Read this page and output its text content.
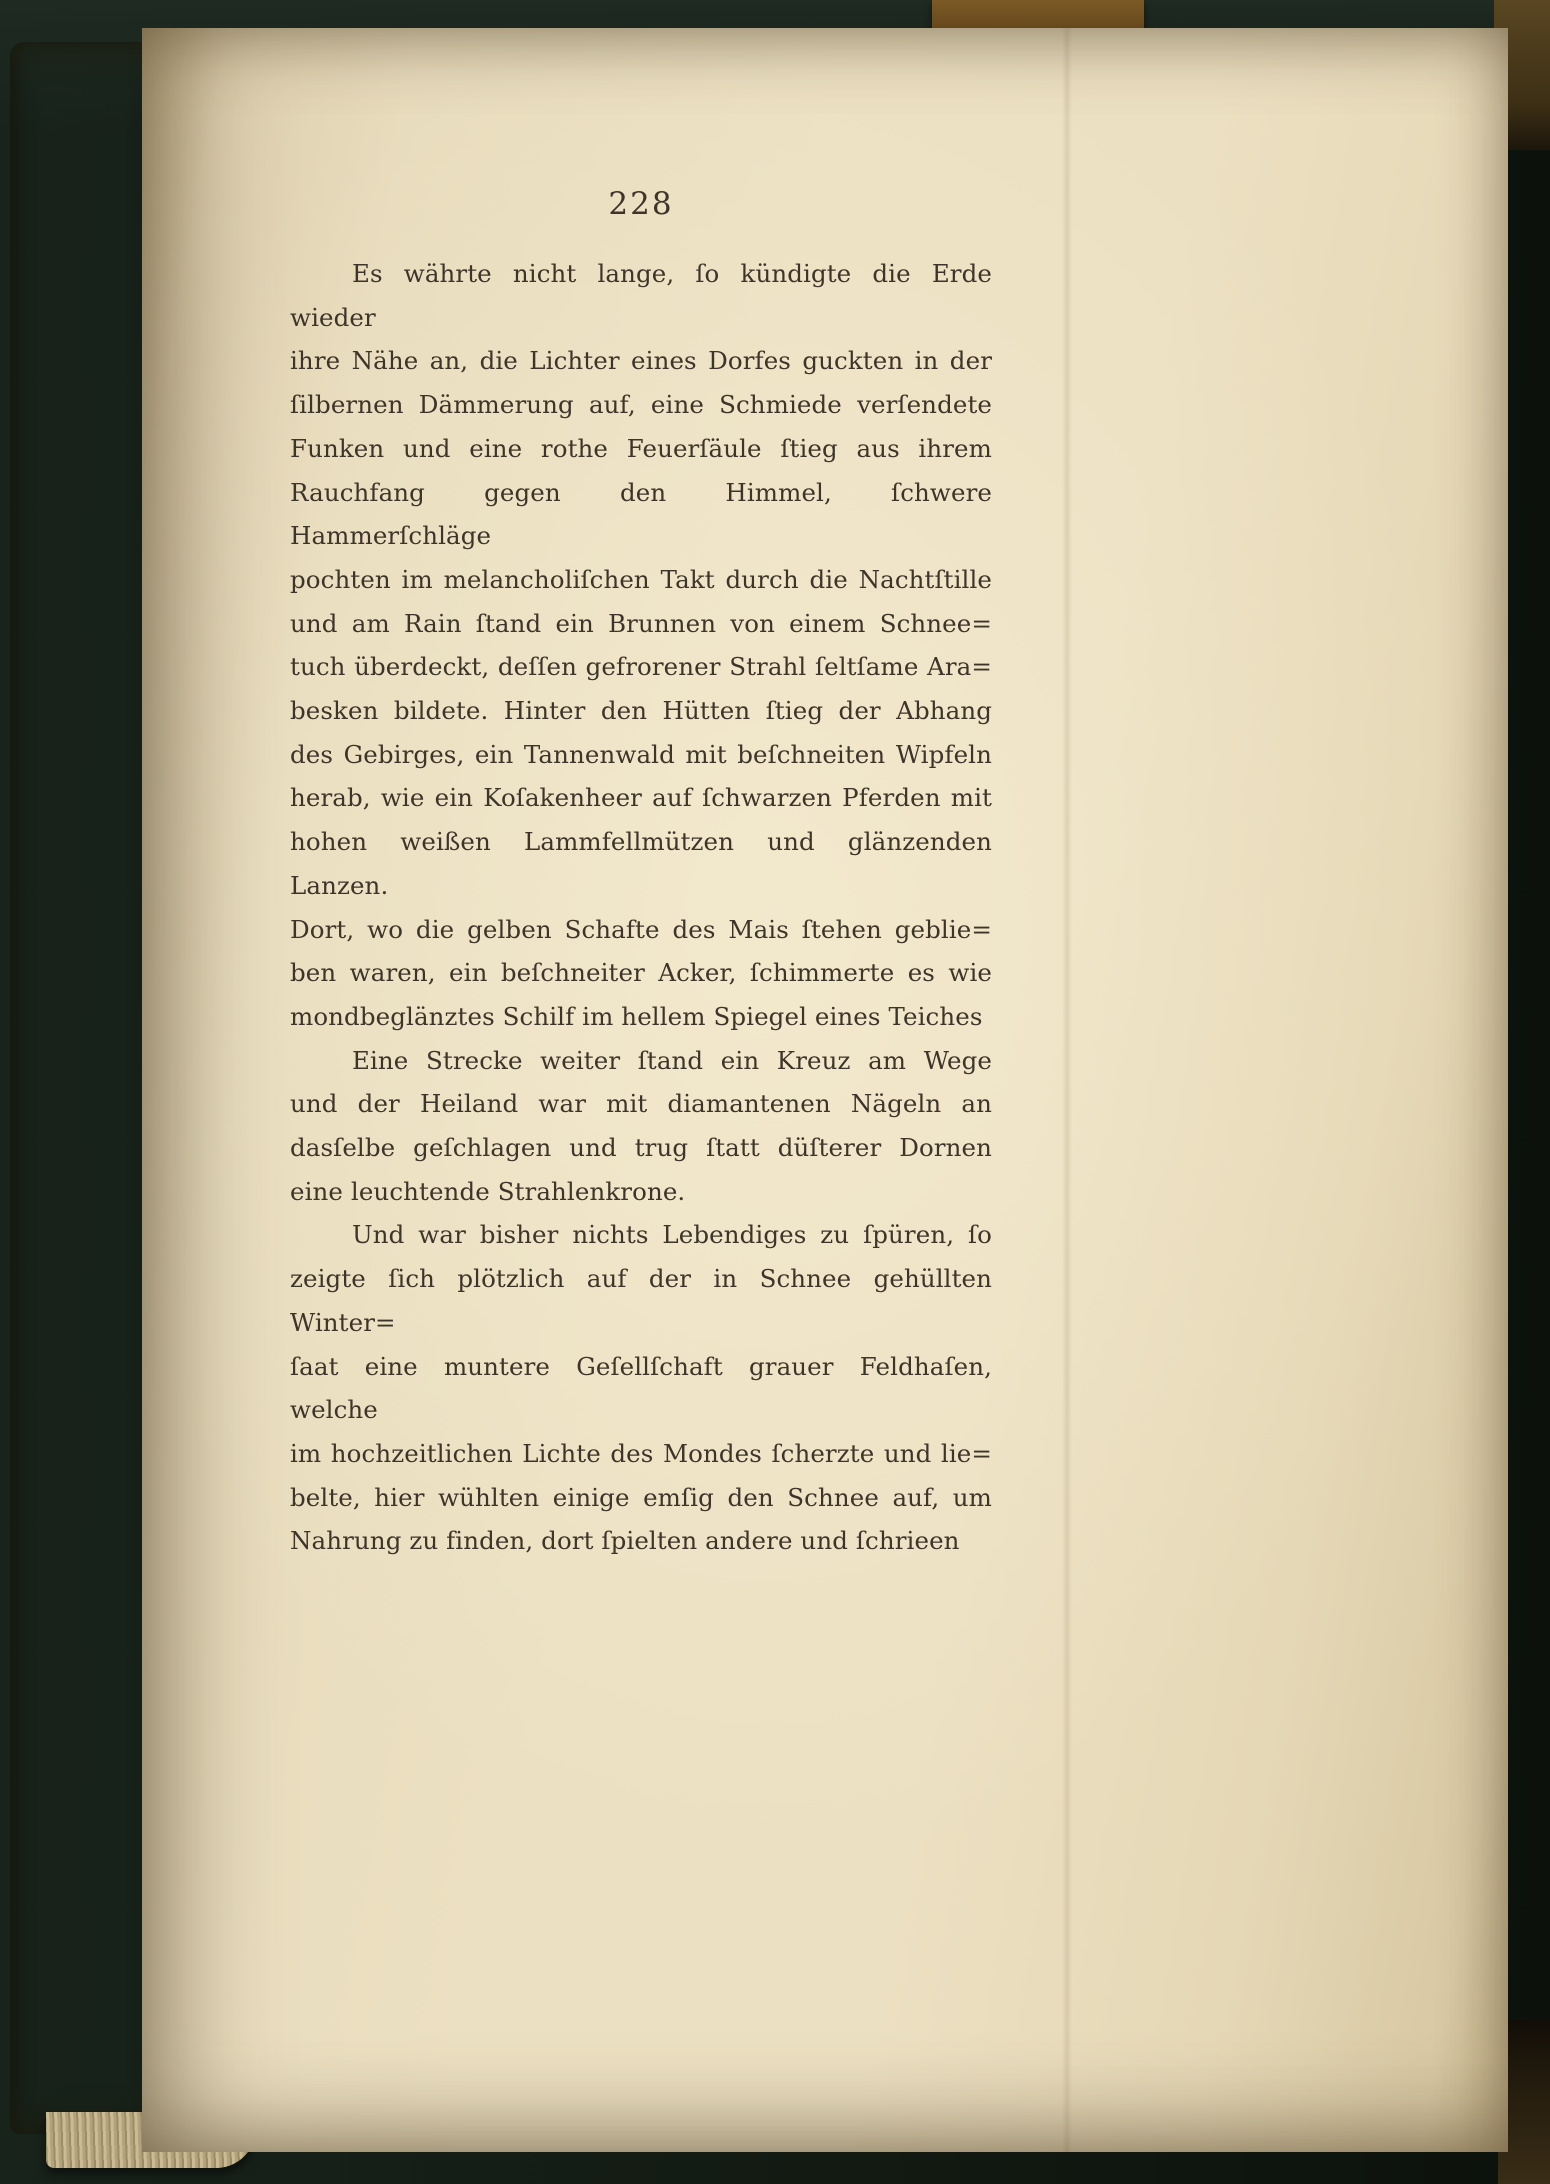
228
Es währte nicht lange, ſo kündigte die Erde wieder
ihre Nähe an, die Lichter eines Dorfes guckten in der
ſilbernen Dämmerung auf, eine Schmiede verſendete
Funken und eine rothe Feuerſäule ſtieg aus ihrem
Rauchfang gegen den Himmel, ſchwere Hammerſchläge
pochten im melancholiſchen Takt durch die Nachtſtille
und am Rain ſtand ein Brunnen von einem Schnee=
tuch überdeckt, deſſen gefrorener Strahl ſeltſame Ara=
besken bildete. Hinter den Hütten ſtieg der Abhang
des Gebirges, ein Tannenwald mit beſchneiten Wipfeln
herab, wie ein Koſakenheer auf ſchwarzen Pferden mit
hohen weißen Lammfellmützen und glänzenden Lanzen.
Dort, wo die gelben Schafte des Mais ſtehen geblie=
ben waren, ein beſchneiter Acker, ſchimmerte es wie
mondbeglänztes Schilf im hellem Spiegel eines Teiches
Eine Strecke weiter ſtand ein Kreuz am Wege
und der Heiland war mit diamantenen Nägeln an
dasſelbe geſchlagen und trug ſtatt düſterer Dornen
eine leuchtende Strahlenkrone.
Und war bisher nichts Lebendiges zu ſpüren, ſo
zeigte ſich plötzlich auf der in Schnee gehüllten Winter=
ſaat eine muntere Geſellſchaft grauer Feldhaſen, welche
im hochzeitlichen Lichte des Mondes ſcherzte und lie=
belte, hier wühlten einige emſig den Schnee auf, um
Nahrung zu finden, dort ſpielten andere und ſchrieen
